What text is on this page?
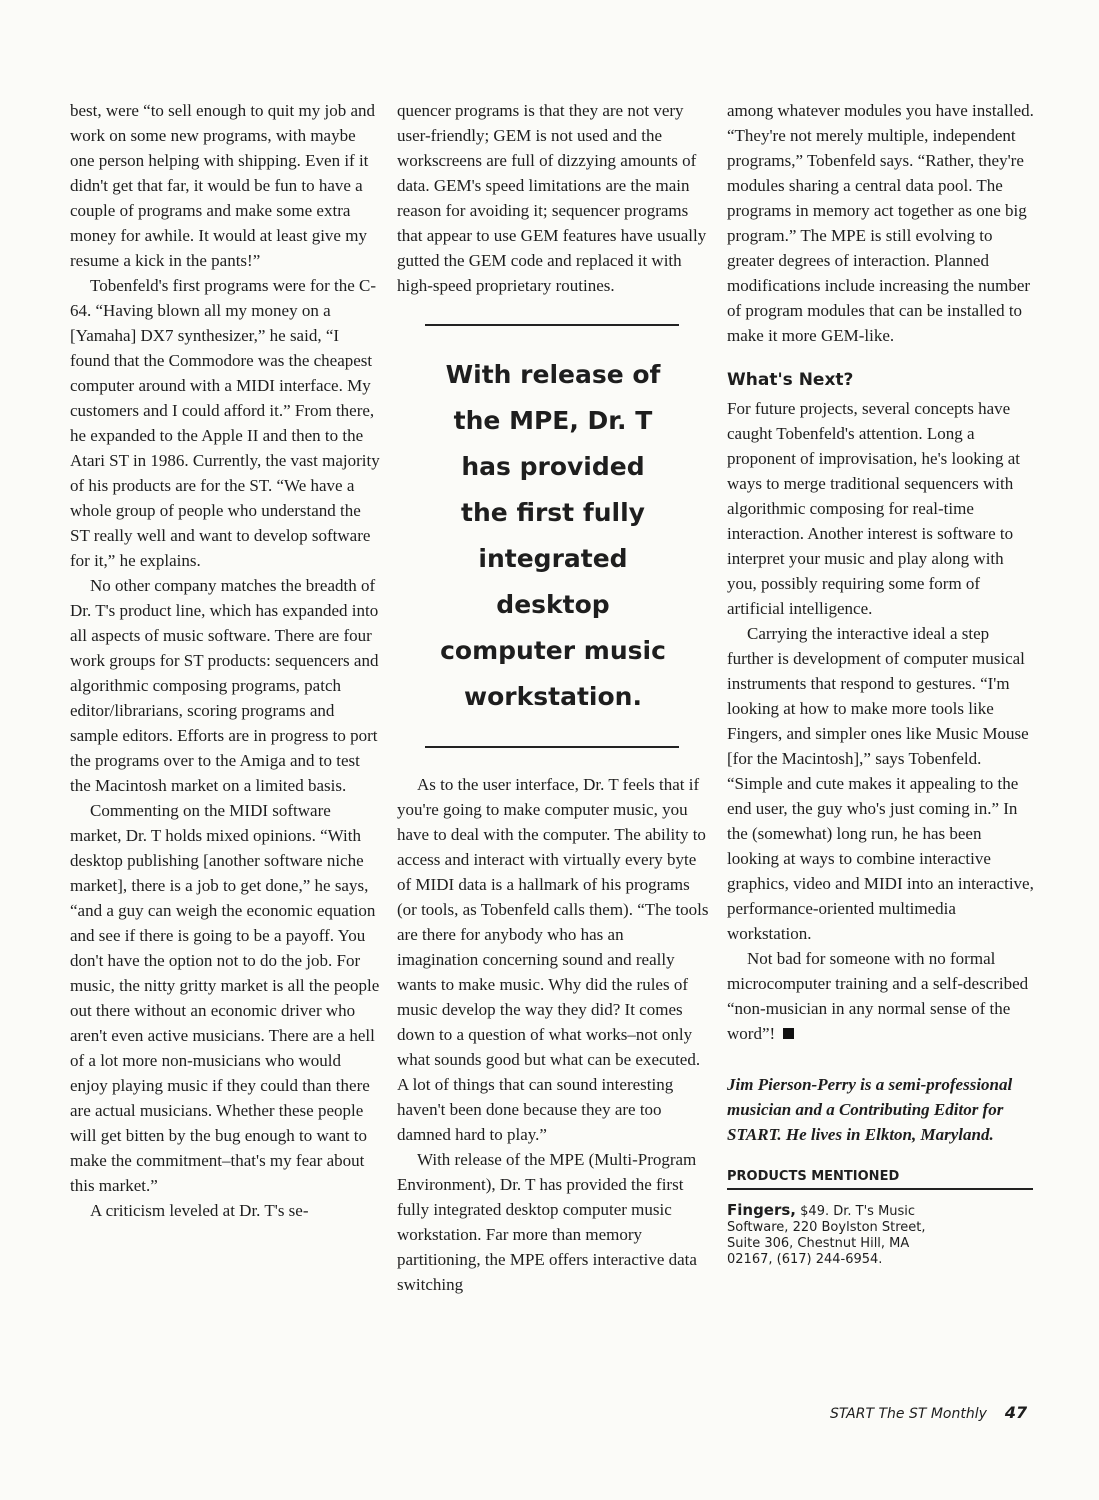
best, were “to sell enough to quit my job and work on some new programs, with maybe one person helping with shipping. Even if it didn't get that far, it would be fun to have a couple of programs and make some extra money for awhile. It would at least give my resume a kick in the pants!”

Tobenfeld's first programs were for the C-64. “Having blown all my money on a [Yamaha] DX7 synthesizer,” he said, “I found that the Commodore was the cheapest computer around with a MIDI interface. My customers and I could afford it.” From there, he expanded to the Apple II and then to the Atari ST in 1986. Currently, the vast majority of his products are for the ST. “We have a whole group of people who understand the ST really well and want to develop software for it,” he explains.

No other company matches the breadth of Dr. T's product line, which has expanded into all aspects of music software. There are four work groups for ST products: sequencers and algorithmic composing programs, patch editor/librarians, scoring programs and sample editors. Efforts are in progress to port the programs over to the Amiga and to test the Macintosh market on a limited basis.

Commenting on the MIDI software market, Dr. T holds mixed opinions. “With desktop publishing [another software niche market], there is a job to get done,” he says, “and a guy can weigh the economic equation and see if there is going to be a payoff. You don't have the option not to do the job. For music, the nitty gritty market is all the people out there without an economic driver who aren't even active musicians. There are a hell of a lot more non-musicians who would enjoy playing music if they could than there are actual musicians. Whether these people will get bitten by the bug enough to want to make the commitment–that's my fear about this market.”

A criticism leveled at Dr. T's se-

quencer programs is that they are not very user-friendly; GEM is not used and the workscreens are full of dizzying amounts of data. GEM's speed limitations are the main reason for avoiding it; sequencer programs that appear to use GEM features have usually gutted the GEM code and replaced it with high-speed proprietary routines.

With release of
the MPE, Dr. T
has provided
the first fully
integrated
desktop
computer music
workstation.

As to the user interface, Dr. T feels that if you're going to make computer music, you have to deal with the computer. The ability to access and interact with virtually every byte of MIDI data is a hallmark of his programs (or tools, as Tobenfeld calls them). “The tools are there for anybody who has an imagination concerning sound and really wants to make music. Why did the rules of music develop the way they did? It comes down to a question of what works–not only what sounds good but what can be executed. A lot of things that can sound interesting haven't been done because they are too damned hard to play.”

With release of the MPE (Multi-Program Environment), Dr. T has provided the first fully integrated desktop computer music workstation. Far more than memory partitioning, the MPE offers interactive data switching

among whatever modules you have installed. “They're not merely multiple, independent programs,” Tobenfeld says. “Rather, they're modules sharing a central data pool. The programs in memory act together as one big program.” The MPE is still evolving to greater degrees of interaction. Planned modifications include increasing the number of program modules that can be installed to make it more GEM-like.

What's Next?

For future projects, several concepts have caught Tobenfeld's attention. Long a proponent of improvisation, he's looking at ways to merge traditional sequencers with algorithmic composing for real-time interaction. Another interest is software to interpret your music and play along with you, possibly requiring some form of artificial intelligence.

Carrying the interactive ideal a step further is development of computer musical instruments that respond to gestures. “I'm looking at how to make more tools like Fingers, and simpler ones like Music Mouse [for the Macintosh],” says Tobenfeld. “Simple and cute makes it appealing to the end user, the guy who's just coming in.” In the (somewhat) long run, he has been looking at ways to combine interactive graphics, video and MIDI into an interactive, performance-oriented multimedia workstation.

Not bad for someone with no formal microcomputer training and a self-described “non-musician in any normal sense of the word”!

Jim Pierson-Perry is a semi-professional musician and a Contributing Editor for START. He lives in Elkton, Maryland.

PRODUCTS MENTIONED
Fingers, $49. Dr. T's Music Software, 220 Boylston Street, Suite 306, Chestnut Hill, MA 02167, (617) 244-6954.
START The ST Monthly 47
